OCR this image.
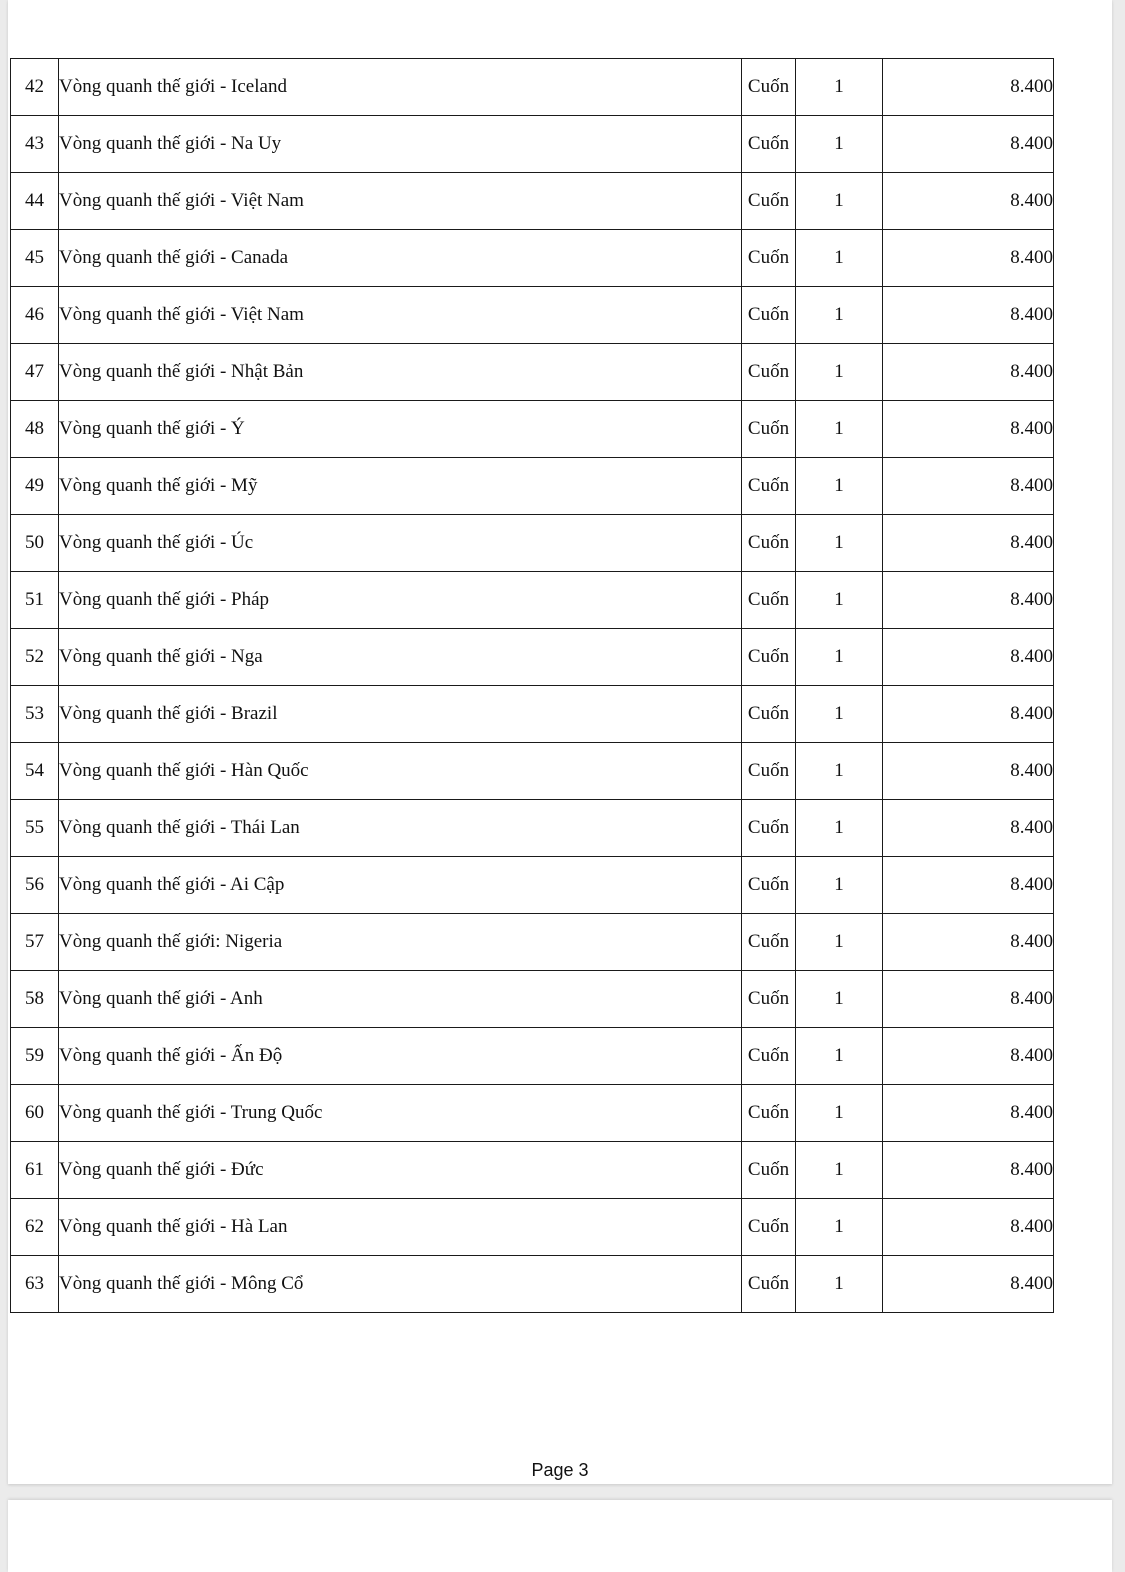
42	Vòng quanh thế giới - Iceland	Cuốn	1	8.400
43	Vòng quanh thế giới - Na Uy	Cuốn	1	8.400
44	Vòng quanh thế giới - Việt Nam	Cuốn	1	8.400
45	Vòng quanh thế giới - Canada	Cuốn	1	8.400
46	Vòng quanh thế giới - Việt Nam	Cuốn	1	8.400
47	Vòng quanh thế giới - Nhật Bản	Cuốn	1	8.400
48	Vòng quanh thế giới - Ý	Cuốn	1	8.400
49	Vòng quanh thế giới - Mỹ	Cuốn	1	8.400
50	Vòng quanh thế giới - Úc	Cuốn	1	8.400
51	Vòng quanh thế giới - Pháp	Cuốn	1	8.400
52	Vòng quanh thế giới - Nga	Cuốn	1	8.400
53	Vòng quanh thế giới - Brazil	Cuốn	1	8.400
54	Vòng quanh thế giới - Hàn Quốc	Cuốn	1	8.400
55	Vòng quanh thế giới - Thái Lan	Cuốn	1	8.400
56	Vòng quanh thế giới - Ai Cập	Cuốn	1	8.400
57	Vòng quanh thế giới: Nigeria	Cuốn	1	8.400
58	Vòng quanh thế giới - Anh	Cuốn	1	8.400
59	Vòng quanh thế giới - Ấn Độ	Cuốn	1	8.400
60	Vòng quanh thế giới - Trung Quốc	Cuốn	1	8.400
61	Vòng quanh thế giới - Đức	Cuốn	1	8.400
62	Vòng quanh thế giới - Hà Lan	Cuốn	1	8.400
63	Vòng quanh thế giới - Mông Cổ	Cuốn	1	8.400
Page 3
